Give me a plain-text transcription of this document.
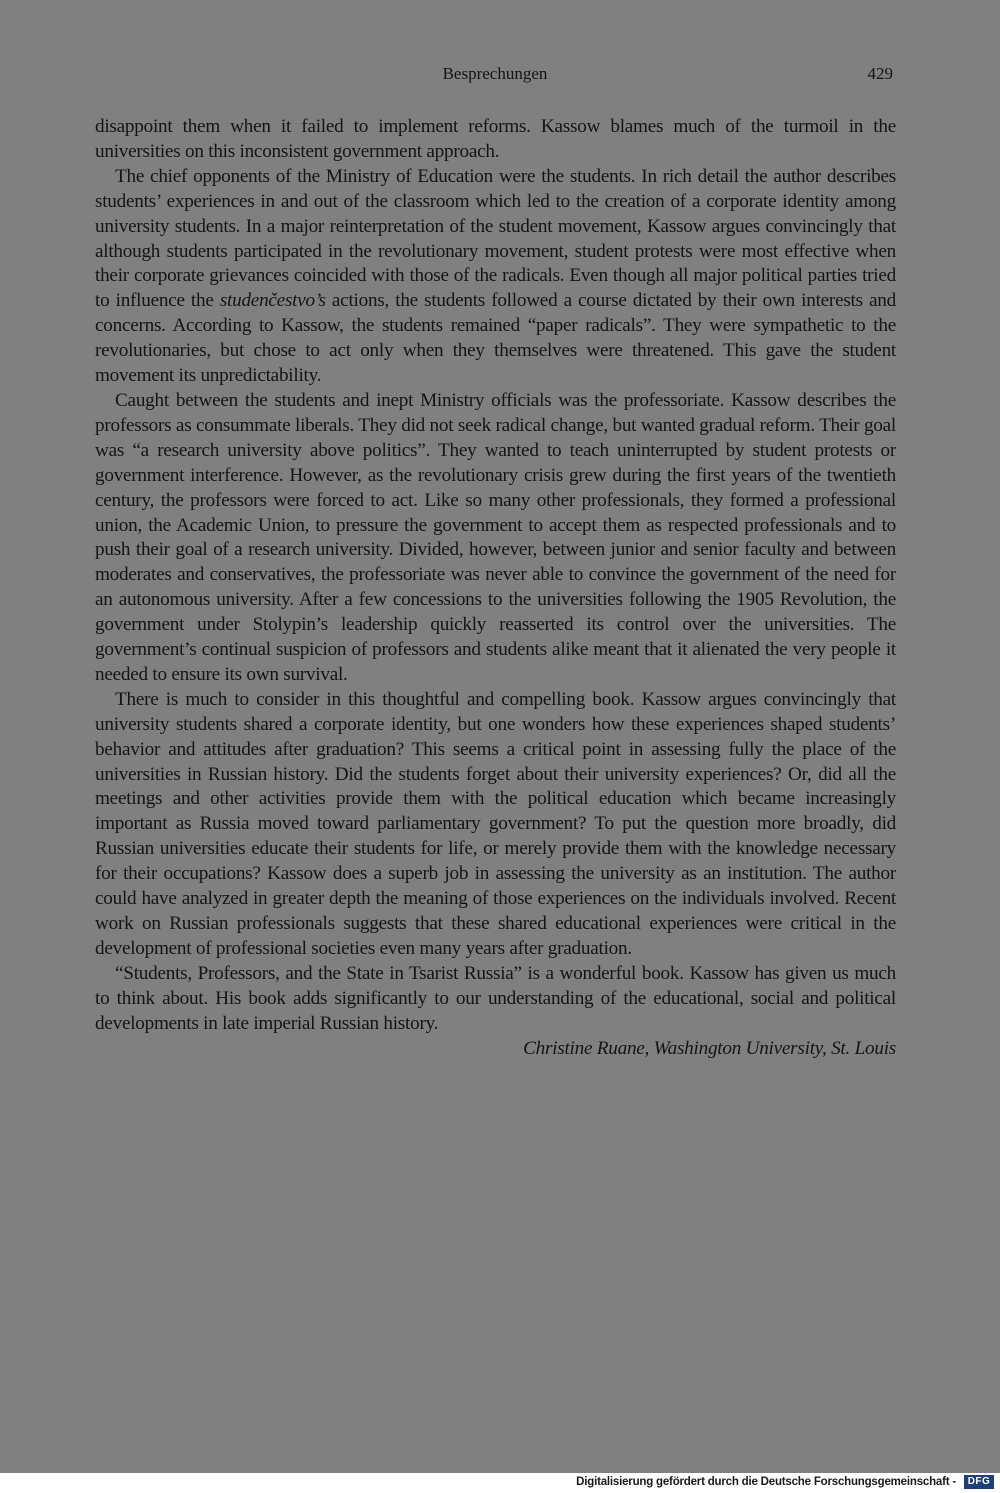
Besprechungen	429

disappoint them when it failed to implement reforms. Kassow blames much of the turmoil in the universities on this inconsistent government approach.

The chief opponents of the Ministry of Education were the students. In rich detail the author describes students’ experiences in and out of the classroom which led to the creation of a corporate identity among university students. In a major reinterpretation of the student movement, Kassow argues convincingly that although students participated in the revolutionary movement, student protests were most effective when their corporate grievances coincided with those of the radicals. Even though all major political parties tried to influence the studenčestvo’s actions, the students followed a course dictated by their own interests and concerns. According to Kassow, the students remained “paper radicals”. They were sympathetic to the revolutionaries, but chose to act only when they themselves were threatened. This gave the student movement its unpredictability.

Caught between the students and inept Ministry officials was the professoriate. Kassow describes the professors as consummate liberals. They did not seek radical change, but wanted gradual reform. Their goal was “a research university above politics”. They wanted to teach uninterrupted by student protests or government interference. However, as the revolutionary crisis grew during the first years of the twentieth century, the professors were forced to act. Like so many other professionals, they formed a professional union, the Academic Union, to pressure the government to accept them as respected professionals and to push their goal of a research university. Divided, however, between junior and senior faculty and between moderates and conservatives, the professoriate was never able to convince the government of the need for an autonomous university. After a few concessions to the universities following the 1905 Revolution, the government under Stolypin’s leadership quickly reasserted its control over the universities. The government’s continual suspicion of professors and students alike meant that it alienated the very people it needed to ensure its own survival.

There is much to consider in this thoughtful and compelling book. Kassow argues convincingly that university students shared a corporate identity, but one wonders how these experiences shaped students’ behavior and attitudes after graduation? This seems a critical point in assessing fully the place of the universities in Russian history. Did the students forget about their university experiences? Or, did all the meetings and other activities provide them with the political education which became increasingly important as Russia moved toward parliamentary government? To put the question more broadly, did Russian universities educate their students for life, or merely provide them with the knowledge necessary for their occupations? Kassow does a superb job in assessing the university as an institution. The author could have analyzed in greater depth the meaning of those experiences on the individuals involved. Recent work on Russian professionals suggests that these shared educational experiences were critical in the development of professional societies even many years after graduation.

“Students, Professors, and the State in Tsarist Russia” is a wonderful book. Kassow has given us much to think about. His book adds significantly to our understanding of the educational, social and political developments in late imperial Russian history.

Christine Ruane, Washington University, St. Louis

Digitalisierung gefördert durch die Deutsche Forschungsgemeinschaft -	DFG
